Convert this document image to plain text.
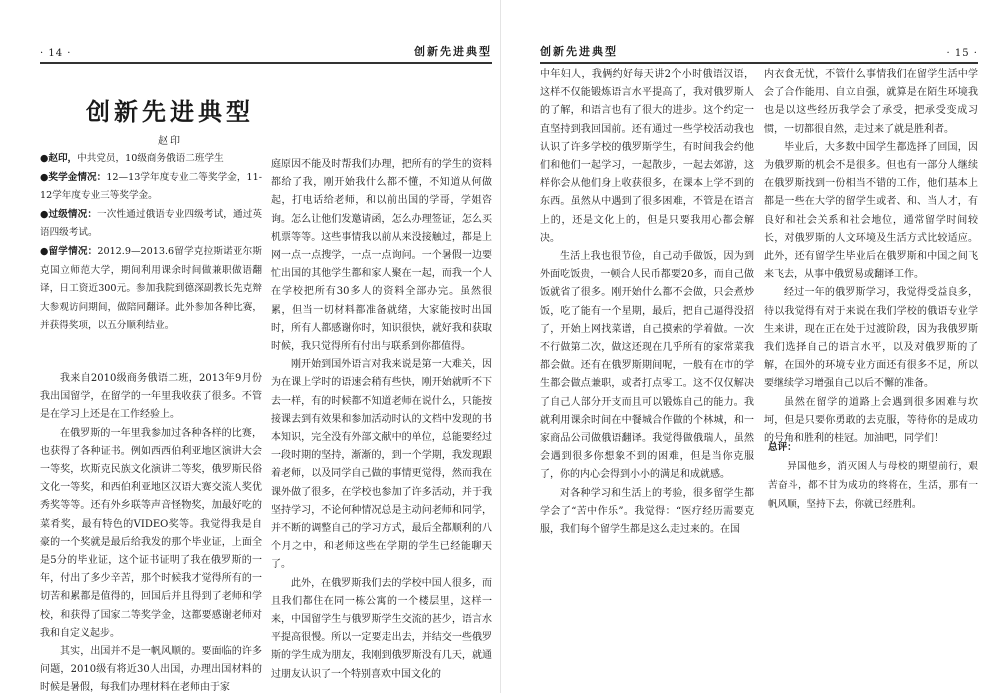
· 14 ·	创新先进典型
创新先进典型
赵印

●赵印，中共党员，10级商务俄语二班学生

●奖学金情况：12—13学年度专业二等奖学金，11-12学年度专业三等奖学金。

●过级情况：一次性通过俄语专业四级考试，通过英语四级考试。

●留学情况：2012.9—2013.6留学克拉斯诺亚尔斯克国立师范大学，期间利用课余时间做兼职做语翻译，日工资近300元。参加我院到德深副教长先克辩大参观访问期间，做陪同翻译。此外参加各种比赛，并获得奖项，以五分顺利结业。

我来自2010级商务俄语二班，2013年9月份我出国留学，在留学的一年里我收获了很多。不管是在学习上还是在工作经验上。

在俄罗斯的一年里我参加过各种各样的比赛，也获得了各种证书。例如西西伯利亚地区演讲大会一等奖，坎斯克民族文化演讲二等奖，俄罗斯民俗文化一等奖，和西伯利亚地区汉语大赛交流人奖优秀奖等等。还有外乡联等声音怪物奖，加最好吃的菜肴奖，最有特色的VIDEO奖等。我觉得我是自豪的一个奖就是最后给我发的那个毕业证，上面全是5分的毕业证，这个证书证明了我在俄罗斯的一年，付出了多少辛苦，那个时候我才觉得所有的一切苦和累都是值得的，回国后并且得到了老师和学校，和获得了国家二等奖学金，这都要感谢老师对我和自定义起步。

其实，出国并不是一帆风顺的。要面临的许多问题，2010级有将近30人出国，办理出国材料的时候是暑假，每我们办理材料在老师由于家

庭原因不能及时帮我们办理，把所有的学生的资料都给了我，刚开始我什么都不懂，不知道从何做起，打电话给老师，和以前出国的学哥，学姐咨询。怎么让他们发邀请函，怎么办理签证，怎么买机票等等。这些事情我以前从来没接触过，都是上网一点一点搜学，一点一点询问。一个暑假一边要忙出国的其他学生都和家人聚在一起，而我一个人在学校把所有30多人的资料全部办完。虽然很累，但当一切材料都准备就绪，大家能按时出国时，所有人都感谢你时，知识很快，就好我和获取时候，我只觉得所有付出与联系到你都值得。

刚开始到国外语言对我来说是第一大难关，因为在课上学时的语速会稍有些快，刚开始就听不下去一样，有的时候都不知道老师在说什么，只能按接课去到有效果和参加活动时认的文档中发现的书本知识，完全没有外部文献中的单位，总能要经过一段时期的坚持，渐渐的，到一个学期，我发现跟着老师，以及同学自己做的事情更觉得，然而我在课外做了很多，在学校也参加了许多活动，并于我坚持学习，不论何种情况总是主动问老师和同学，并不断的调整自己的学习方式，最后全都顺利的八个月之中，和老师这些在学期的学生已经能聊天了。

此外，在俄罗斯我们去的学校中国人很多，而且我们都住在同一栋公寓的一个楼层里，这样一来，中国留学生与俄罗斯学生交流的甚少，语言水平提高很慢。所以一定要走出去，并结交一些俄罗斯的学生成为朋友，我刚到俄罗斯没有几天，就通过朋友认识了一个特别喜欢中国文化的

创新先进典型	· 15 ·

中年妇人，我俩约好每天讲2个小时俄语汉语，这样不仅能锻炼语言水平提高了，我对俄罗斯人的了解，和语言也有了很大的进步。这个约定一直坚持到我回国前。还有通过一些学校活动我也认识了许多学校的俄罗斯学生，有时间我会约他们和他们一起学习，一起散步，一起去郊游，这样你会从他们身上收获很多，在课本上学不到的东西。虽然从中遇到了很多困难，不管是在语言上的，还是文化上的，但是只要我用心都会解决。

生活上我也很节俭，自己动手做饭，因为到外面吃饭贵，一顿合人民币都要20多，而自己做饭就省了很多。刚开始什么都不会做，只会煮炒饭，吃了能有一个星期，最后，把自己逼得没招了，开始上网找菜谱，自己摸索的学着做。一次不行做第二次，做这还现在几乎所有的家常菜我都会做。还有在俄罗斯期间呢，一般有在市的学生都会做点兼职，或者打点零工。这不仅仅解决了自己人部分开支而且可以锻炼自己的能力。我就利用课余时间在中餐城合作做的个林城，和一家商品公司做俄语翻译。我觉得做俄瑞人，虽然会遇到很多你想象不到的困难，但是当你克服了，你的内心会得到小小的满足和成就感。

对各种学习和生活上的考验，很多留学生都学会了“苦中作乐”。我觉得：“医疗经历需要克服，我们每个留学生都是这么走过来的。在国

内衣食无忧，不管什么事情我们在留学生活中学会了合作能用、自立自强，就算是在陌生环境我也是以这些经历我学会了承受，把承受变成习惯，一切都很自然，走过来了就是胜利者。

毕业后，大多数中国学生都选择了回国，因为俄罗斯的机会不是很多。但也有一部分人继续在俄罗斯找到一份相当不错的工作，他们基本上都是一些在大学的留学生或者、和、当人才，有良好和社会关系和社会地位，通常留学时间较长，对俄罗斯的人文环境及生活方式比较适应。此外，还有留学生毕业后在俄罗斯和中国之间飞来飞去，从事中俄贸易或翻译工作。

经过一年的俄罗斯学习，我觉得受益良多，待以我觉得有对于来说在我们学校的俄语专业学生来讲，现在正在处于过渡阶段，因为我俄罗斯我们选择自己的语言水平，以及对俄罗斯的了解，在国外的环境专业方面还有很多不足，所以要继续学习增强自己以后不懈的准备。

虽然在留学的道路上会遇到很多困难与坎坷，但是只要你勇敢的去克服，等待你的是成功的号角和胜利的桂冠。加油吧，同学们！

总评：

异国他乡，消灭困人与母校的期望前行，艰苦奋斗，都不甘为成功的终将在，生活，那有一帆风顺，坚持下去，你就已经胜利。
